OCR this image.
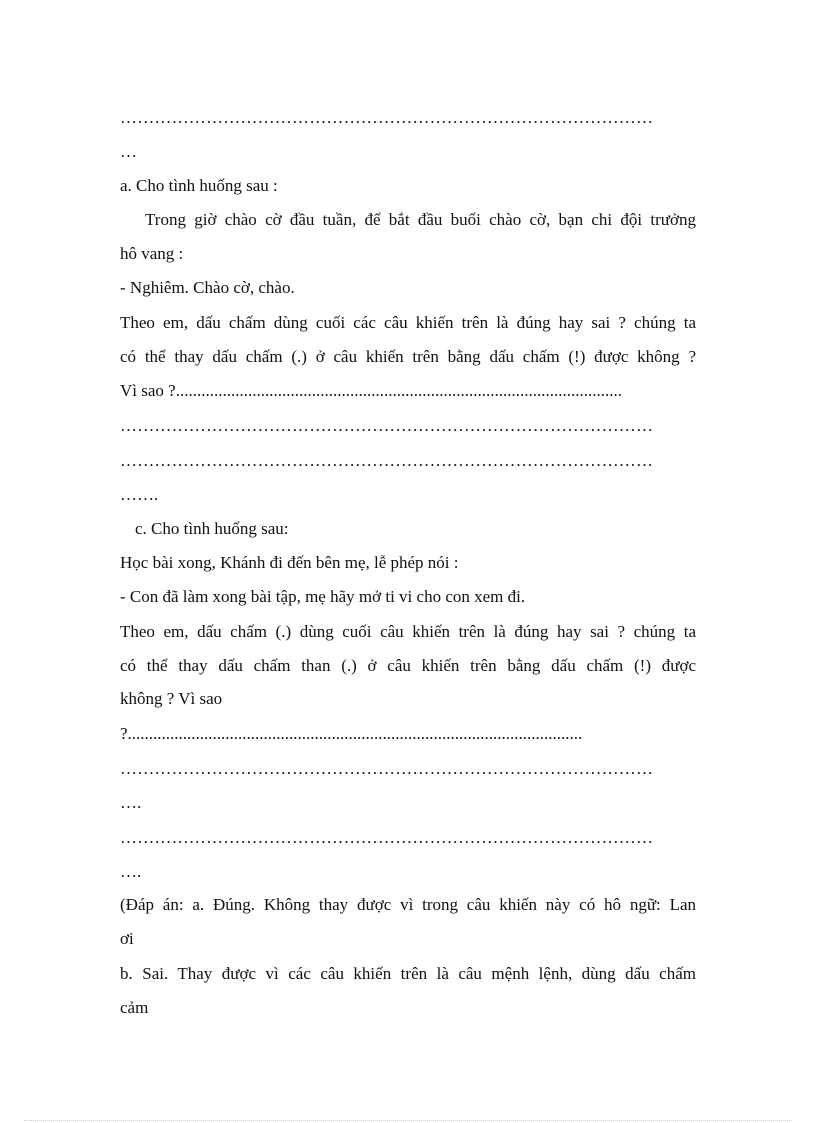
…………………………………………………………………………………
…
a. Cho tình huống sau :
Trong giờ chào cờ đầu tuần, để bắt đầu buổi chào cờ, bạn chi đội trưởng
hô vang :
- Nghiêm. Chào cờ, chào.
Theo em, dấu chấm dùng cuối các câu khiến trên là đúng hay sai ? chúng ta
có thể thay dấu chấm (.) ở câu khiến trên bằng dấu chấm (!) được không ?
Vì sao ?.........................................................................................................
…………………………………………………………………………………
…………………………………………………………………………………
…….
c. Cho tình huống sau:
Học bài xong, Khánh đi đến bên mẹ, lễ phép nói :
- Con đã làm xong bài tập, mẹ hãy mở ti vi cho con xem đi.
Theo em, dấu chấm (.) dùng cuối câu khiến trên là đúng hay sai ? chúng ta
có thể thay dấu chấm than (.) ở câu khiến trên bằng dấu chấm (!) được
không ? Vì sao
?...........................................................................................................
…………………………………………………………………………………
….
…………………………………………………………………………………
….
(Đáp án: a. Đúng. Không thay được vì trong câu khiến này có hô ngữ: Lan
ơi
b. Sai. Thay được vì các câu khiến trên là câu mệnh lệnh, dùng dấu chấm
cảm
